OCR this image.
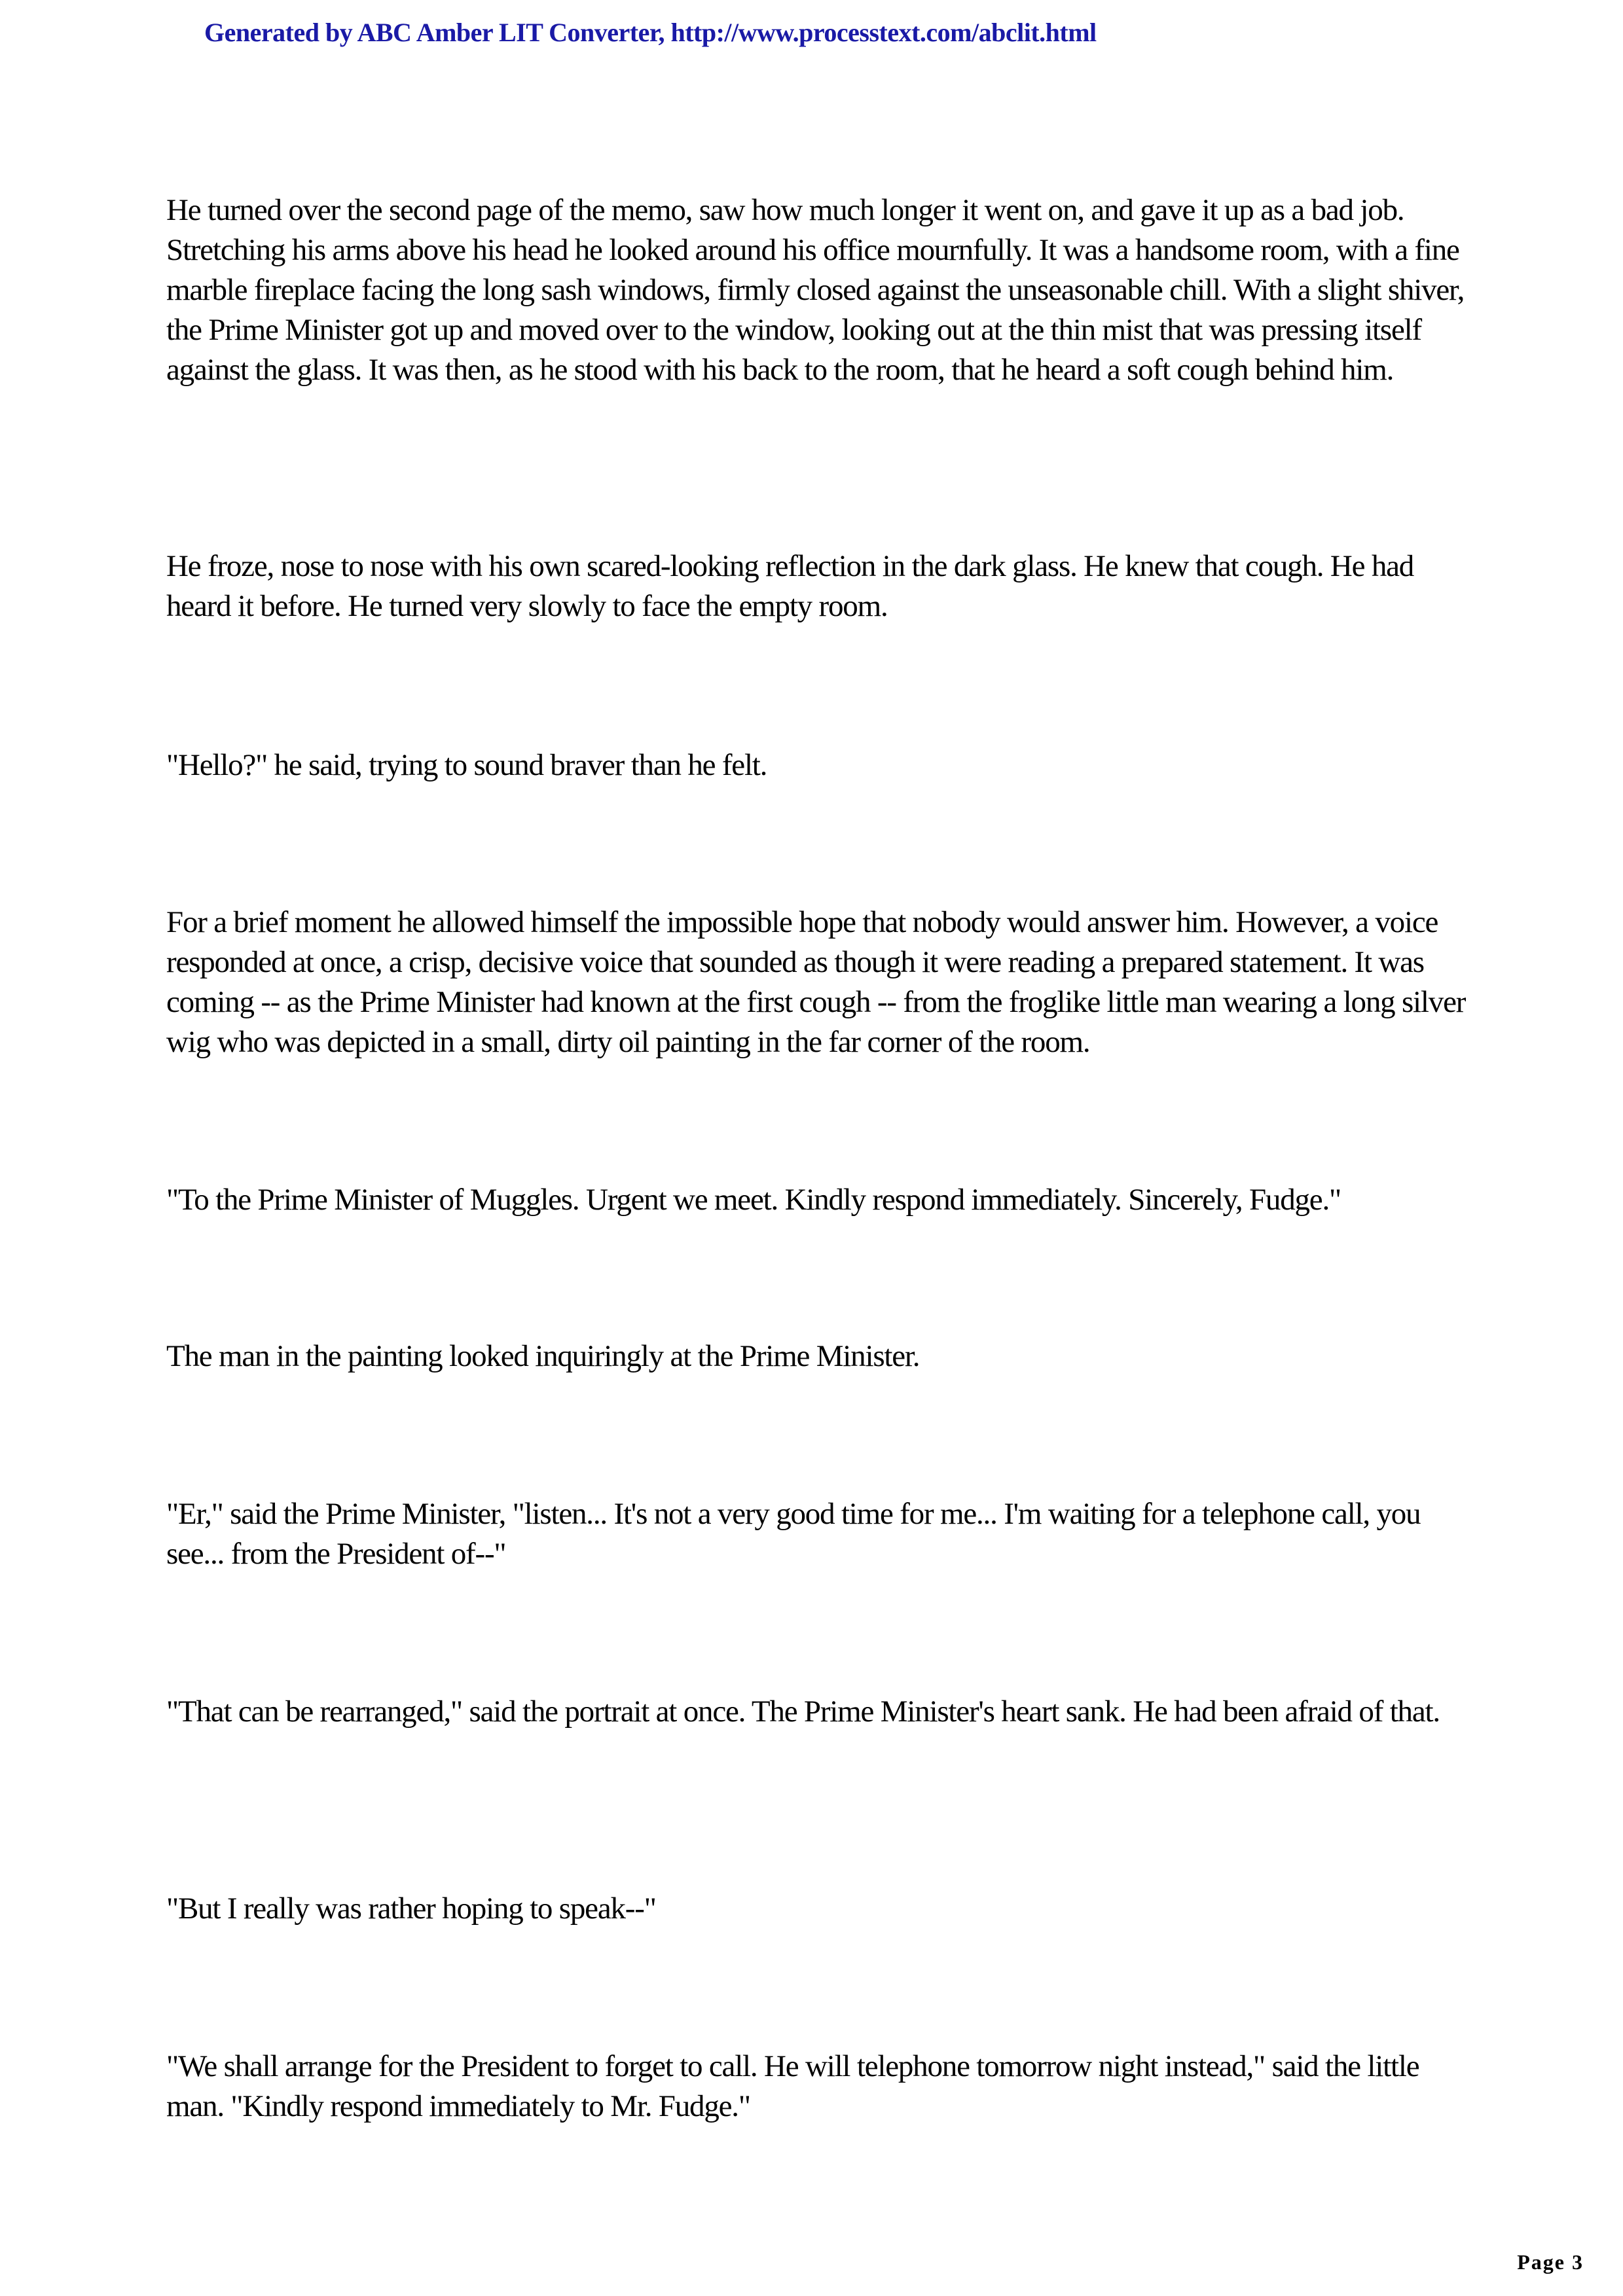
Generated by ABC Amber LIT Converter, http://www.processtext.com/abclit.html
He turned over the second page of the memo, saw how much longer it went on, and gave it up as a bad job. Stretching his arms above his head he looked around his office mournfully. It was a handsome room, with a fine marble fireplace facing the long sash windows, firmly closed against the unseasonable chill. With a slight shiver, the Prime Minister got up and moved over to the window, looking out at the thin mist that was pressing itself against the glass. It was then, as he stood with his back to the room, that he heard a soft cough behind him.
He froze, nose to nose with his own scared-looking reflection in the dark glass. He knew that cough. He had heard it before. He turned very slowly to face the empty room.
"Hello?" he said, trying to sound braver than he felt.
For a brief moment he allowed himself the impossible hope that nobody would answer him. However, a voice responded at once, a crisp, decisive voice that sounded as though it were reading a prepared statement. It was coming -- as the Prime Minister had known at the first cough -- from the froglike little man wearing a long silver wig who was depicted in a small, dirty oil painting in the far corner of the room.
"To the Prime Minister of Muggles. Urgent we meet. Kindly respond immediately. Sincerely, Fudge."
The man in the painting looked inquiringly at the Prime Minister.
"Er," said the Prime Minister, "listen... It's not a very good time for me... I'm waiting for a telephone call, you see... from the President of--"
"That can be rearranged," said the portrait at once. The Prime Minister's heart sank. He had been afraid of that.
"But I really was rather hoping to speak--"
"We shall arrange for the President to forget to call. He will telephone tomorrow night instead," said the little man. "Kindly respond immediately to Mr. Fudge."
Page 3
